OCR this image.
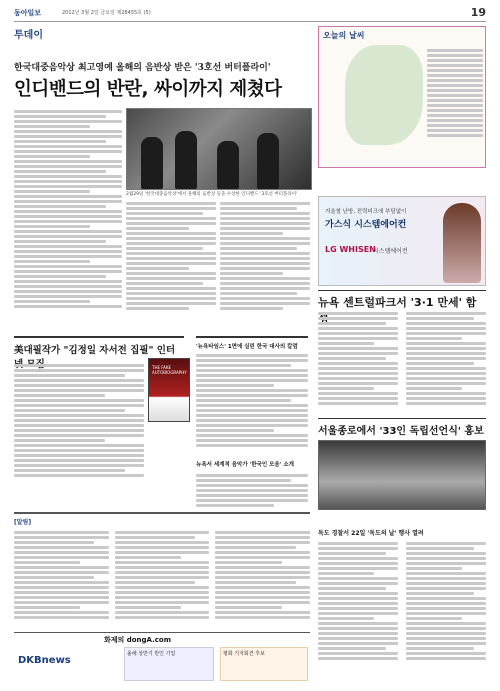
동아일보	2012년 3월 2일 금요일 제28455호 (5)	19
투데이
한국대중음악상 최고영예 올해의 음반상 받은 '3호선 버터플라이'
인디밴드의 반란, 싸이까지 제쳤다
2월29일 '한국대중음악상'에서 올해의 음반상 등을 수상한 인디밴드 '3호선 버터플라이'
오늘의 날씨
겨울철 난방, 전력피크에 부담없이
가스식 시스템에어컨
LG WHISEN
시스템에어컨
뉴욕 센트럴파크서 '3·1 만세' 함
서울종로에서 '33인 독립선언식' 홍보
독도 경찰서 22일 '독도의 날' 행사 열려
美대필작가 "김정일 자서전 집필" 인터
THE FAKE AUTOBIOGRAPHY
'뉴욕타임스' 1면에 실린 한국 대사의 칼럼
뉴욕서 세계적 음악가 '한국인 모음' 소개
[알림]
화제의 dongA.com
DKBnews
올해 상반기 반인 기업	평화 기자회견 후보
